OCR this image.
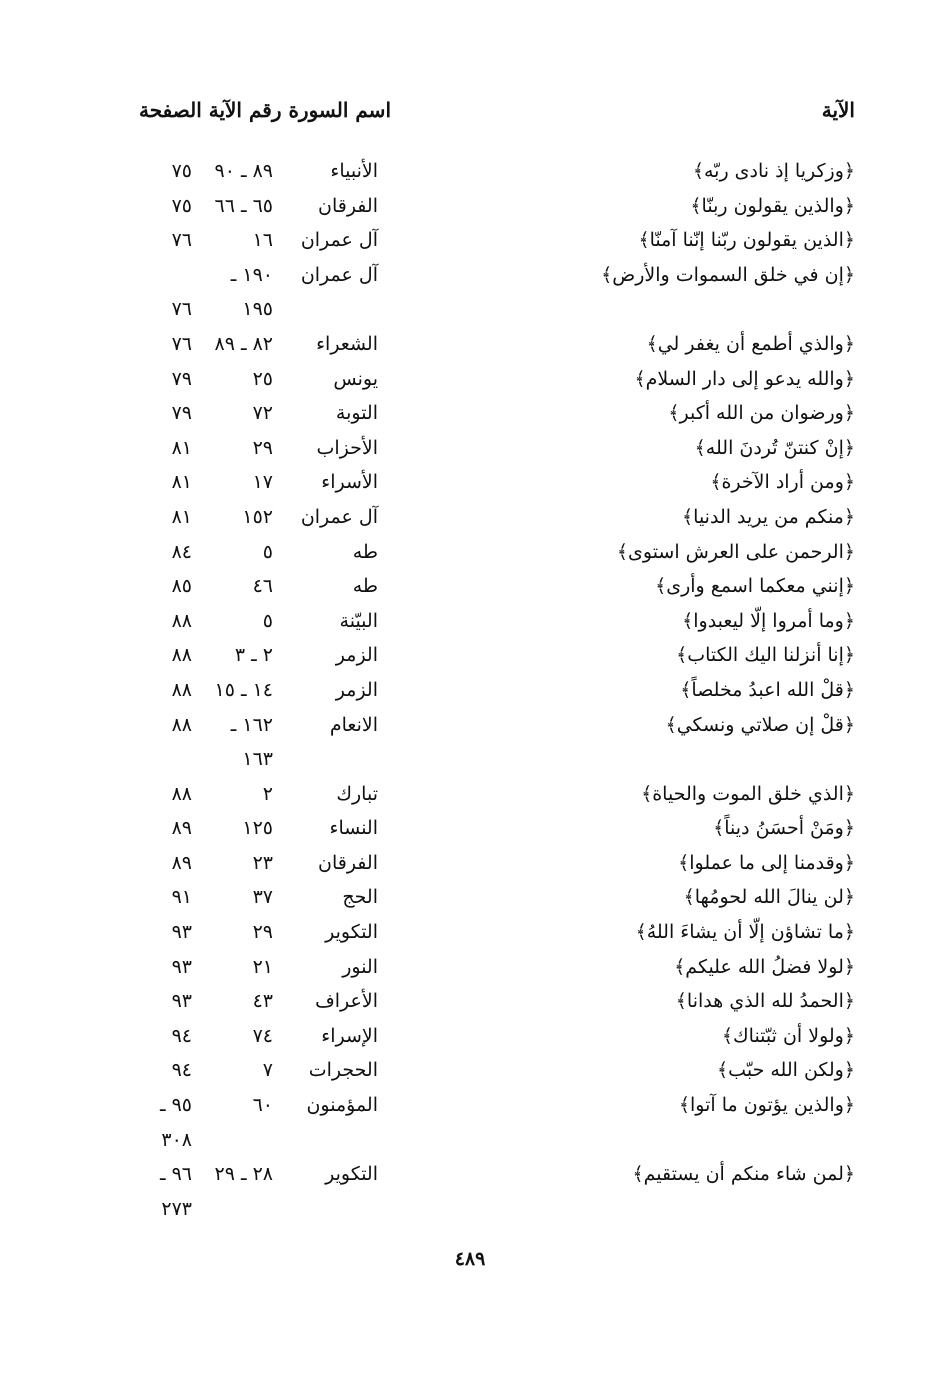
الآية
اسم السورة رقم الآية الصفحة
﴿وزكريا إذ نادى ربّه﴾
الأنبياء
٨٩ ـ ٩٠
٧٥
﴿والذين يقولون ربنّا﴾
الفرقان
٦٥ ـ ٦٦
٧٥
﴿الذين يقولون ربّنا إنّنا آمنّا﴾
آل عمران
١٦
٧٦
﴿إن في خلق السموات والأرض﴾
آل عمران
١٩٠ ـ
١٩٥
٧٦
﴿والذي أطمع أن يغفر لي﴾
الشعراء
٨٢ ـ ٨٩
٧٦
﴿والله يدعو إلى دار السلام﴾
يونس
٢٥
٧٩
﴿ورضوان من الله أكبر﴾
التوبة
٧٢
٧٩
﴿إنْ كنتنّ تُردنَ الله﴾
الأحزاب
٢٩
٨١
﴿ومن أراد الآخرة﴾
الأسراء
١٧
٨١
﴿منكم من يريد الدنيا﴾
آل عمران
١٥٢
٨١
﴿الرحمن على العرش استوى﴾
طه
٥
٨٤
﴿إنني معكما اسمع وأرى﴾
طه
٤٦
٨٥
﴿وما أمروا إلّا ليعبدوا﴾
البيّنة
٥
٨٨
﴿إنا أنزلنا اليك الكتاب﴾
الزمر
٢ ـ ٣
٨٨
﴿قلْ الله اعبدُ مخلصاً﴾
الزمر
١٤ ـ ١٥
٨٨
﴿قلْ إن صلاتي ونسكي﴾
الانعام
١٦٢ ـ
٨٨
١٦٣
﴿الذي خلق الموت والحياة﴾
تبارك
٢
٨٨
﴿ومَنْ أحسَنُ ديناً﴾
النساء
١٢٥
٨٩
﴿وقدمنا إلى ما عملوا﴾
الفرقان
٢٣
٨٩
﴿لن ينالَ الله لحومُها﴾
الحج
٣٧
٩١
﴿ما تشاؤن إلّا أن يشاءَ اللهُ﴾
التكوير
٢٩
٩٣
﴿لولا فضلُ الله عليكم﴾
النور
٢١
٩٣
﴿الحمدُ لله الذي هدانا﴾
الأعراف
٤٣
٩٣
﴿ولولا أن ثبّتناك﴾
الإسراء
٧٤
٩٤
﴿ولكن الله حبّب﴾
الحجرات
٧
٩٤
﴿والذين يؤتون ما آتوا﴾
المؤمنون
٦٠
٩٥ ـ
٣٠٨
﴿لمن شاء منكم أن يستقيم﴾
التكوير
٢٨ ـ ٢٩
٩٦ ـ
٢٧٣
٤٨٩
